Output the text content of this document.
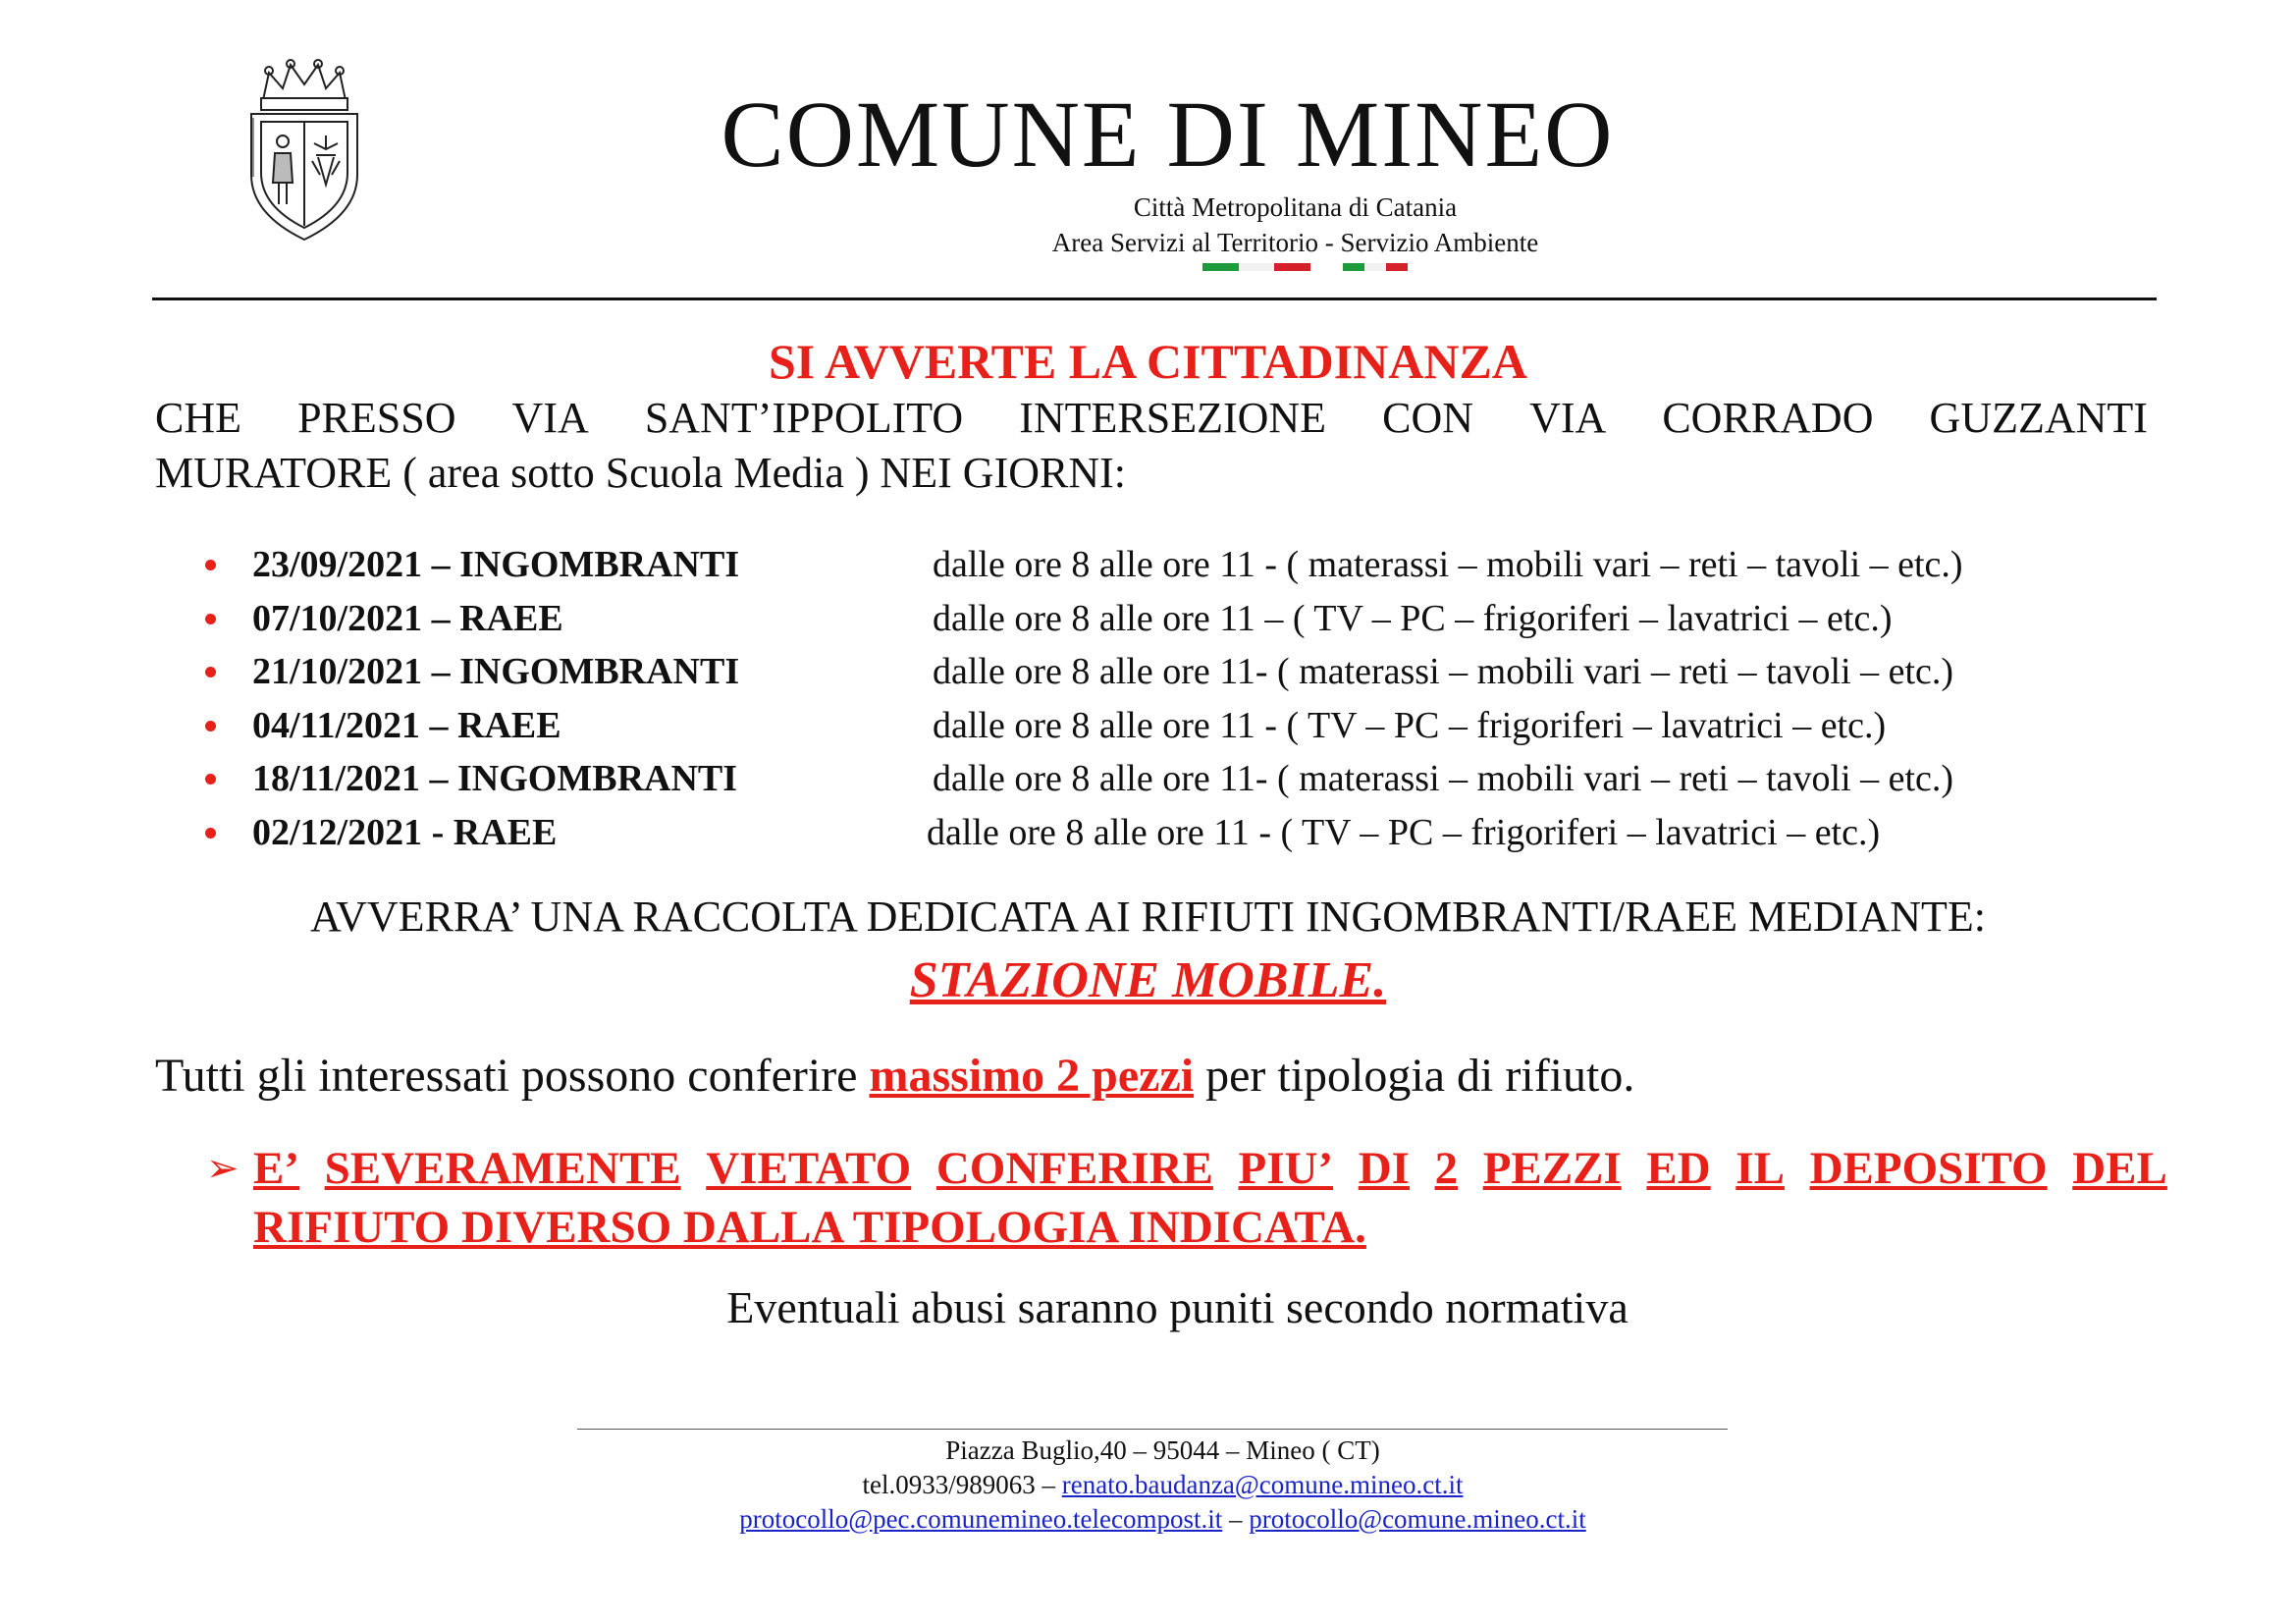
COMUNE DI MINEO
Città Metropolitana di Catania
Area Servizi al Territorio - Servizio Ambiente
SI AVVERTE LA CITTADINANZA
CHE PRESSO VIA SANT’IPPOLITO INTERSEZIONE CON VIA CORRADO GUZZANTI
MURATORE ( area sotto Scuola Media ) NEI GIORNI:
23/09/2021 – INGOMBRANTI	dalle ore 8 alle ore 11 - ( materassi – mobili vari – reti – tavoli – etc.)
07/10/2021 – RAEE	dalle ore 8 alle ore 11 – ( TV – PC – frigoriferi – lavatrici – etc.)
21/10/2021 – INGOMBRANTI	dalle ore 8 alle ore 11- ( materassi – mobili vari – reti – tavoli – etc.)
04/11/2021 – RAEE	dalle ore 8 alle ore 11 - ( TV – PC – frigoriferi – lavatrici – etc.)
18/11/2021 – INGOMBRANTI	dalle ore 8 alle ore 11- ( materassi – mobili vari – reti – tavoli – etc.)
02/12/2021 - RAEE	dalle ore 8 alle ore 11 - ( TV – PC – frigoriferi – lavatrici – etc.)
AVVERRA’ UNA RACCOLTA DEDICATA AI RIFIUTI INGOMBRANTI/RAEE MEDIANTE:
STAZIONE MOBILE.
Tutti gli interessati possono conferire massimo 2 pezzi per tipologia di rifiuto.
➢ E’ SEVERAMENTE VIETATO CONFERIRE PIU’ DI 2 PEZZI ED IL DEPOSITO DEL
RIFIUTO DIVERSO DALLA TIPOLOGIA INDICATA.
Eventuali abusi saranno puniti secondo normativa
Piazza Buglio,40 – 95044 – Mineo ( CT)
tel.0933/989063 – renato.baudanza@comune.mineo.ct.it
protocollo@pec.comunemineo.telecompost.it – protocollo@comune.mineo.ct.it
